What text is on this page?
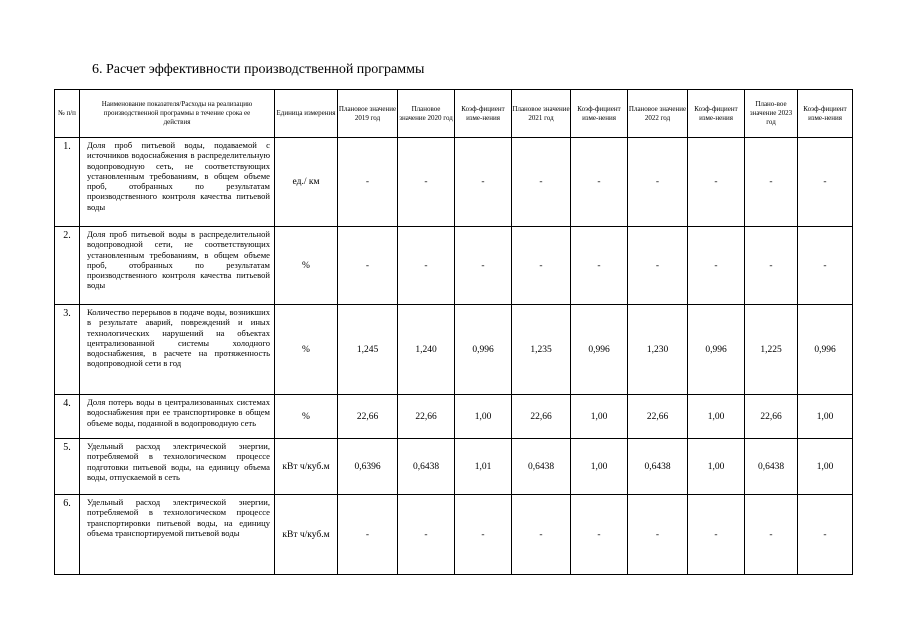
6. Расчет эффективности производственной программы
№ п/п	Наименование показателя/Расходы на реализацию производственной программы в течение срока ее действия	Единица измерения	Плановое значение 2019 год	Плановое значение 2020 год	Коэф-фициент изме-нения	Плановое значение 2021 год	Коэф-фициент изме-нения	Плановое значение 2022 год	Коэф-фициент изме-нения	Плано-вое значение 2023 год	Коэф-фициент изме-нения
1.	Доля проб питьевой воды, подаваемой с источников водоснабжения в распределительную водопроводную сеть, не соответствующих установленным требованиям, в общем объеме проб, отобранных по результатам производственного контроля качества питьевой воды	ед./ км	-	-	-	-	-	-	-	-	-
2.	Доля проб питьевой воды в распределительной водопроводной сети, не соответствующих установленным требованиям, в общем объеме проб, отобранных по результатам производственного контроля качества питьевой воды	%	-	-	-	-	-	-	-	-	-
3.	Количество перерывов в подаче воды, возникших в результате аварий, повреждений и иных технологических нарушений на объектах централизованной системы холодного водоснабжения, в расчете на протяженность водопроводной сети в год	%	1,245	1,240	0,996	1,235	0,996	1,230	0,996	1,225	0,996
4.	Доля потерь воды в централизованных системах водоснабжения при ее транспортировке в общем объеме воды, поданной в водопроводную сеть	%	22,66	22,66	1,00	22,66	1,00	22,66	1,00	22,66	1,00
5.	Удельный расход электрической энергии, потребляемой в технологическом процессе подготовки питьевой воды, на единицу объема воды, отпускаемой в сеть	кВт ч/куб.м	0,6396	0,6438	1,01	0,6438	1,00	0,6438	1,00	0,6438	1,00
6.	Удельный расход электрической энергии, потребляемой в технологическом процессе транспортировки питьевой воды, на единицу объема транспортируемой питьевой воды	кВт ч/куб.м	-	-	-	-	-	-	-	-	-
